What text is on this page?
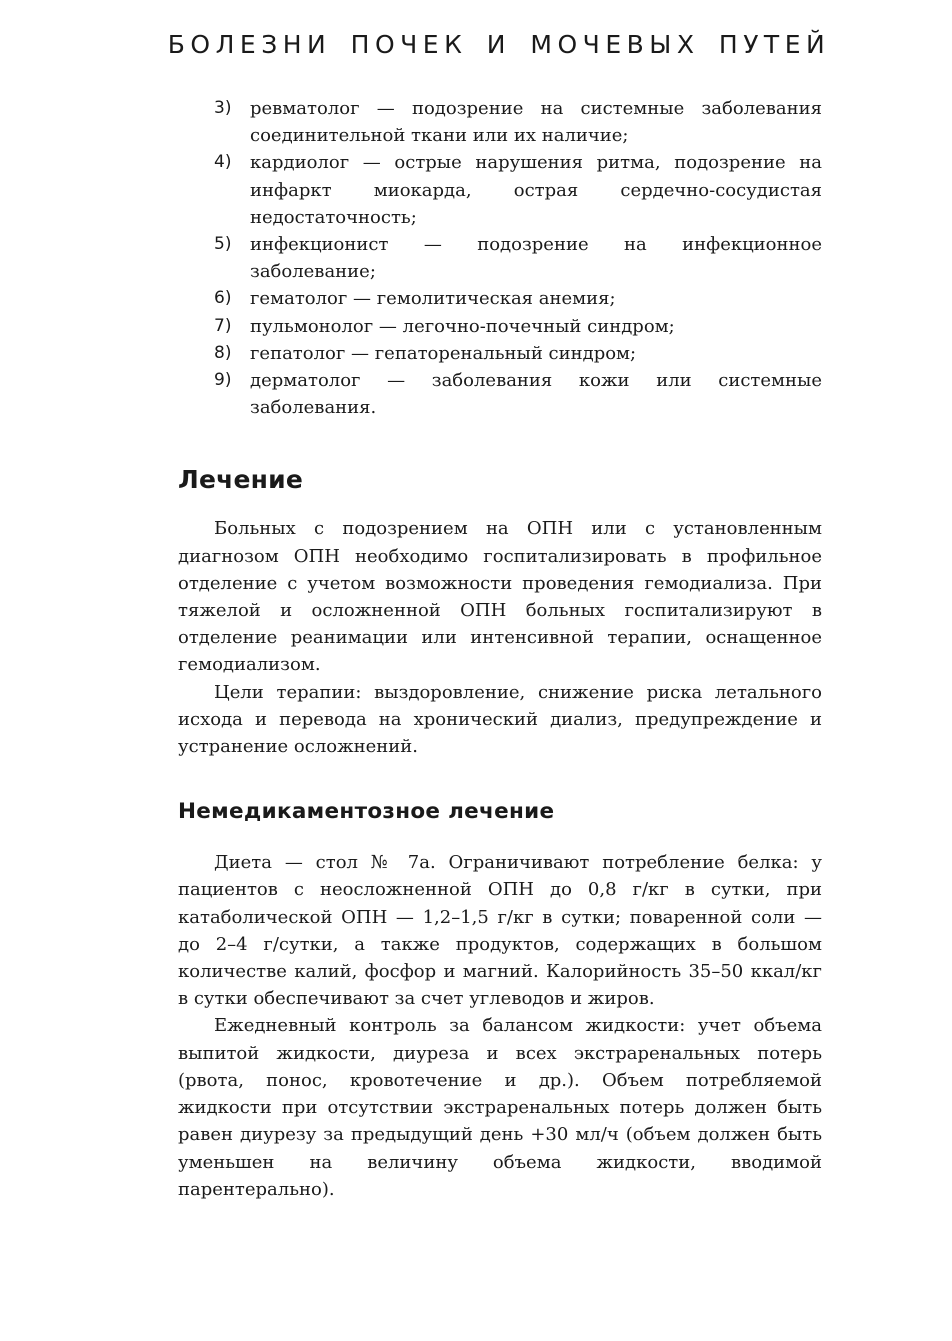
БОЛЕЗНИ ПОЧЕК И МОЧЕВЫХ ПУТЕЙ
3) ревматолог — подозрение на системные заболевания соединительной ткани или их наличие;
4) кардиолог — острые нарушения ритма, подозрение на инфаркт миокарда, острая сердечно-сосудистая недостаточность;
5) инфекционист — подозрение на инфекционное заболевание;
6) гематолог — гемолитическая анемия;
7) пульмонолог — легочно-почечный синдром;
8) гепатолог — гепаторенальный синдром;
9) дерматолог — заболевания кожи или системные заболевания.
Лечение

Больных с подозрением на ОПН или с установленным диагнозом ОПН необходимо госпитализировать в профильное отделение с учетом возможности проведения гемодиализа. При тяжелой и осложненной ОПН больных госпитализируют в отделение реанимации или интенсивной терапии, оснащенное гемодиализом.

Цели терапии: выздоровление, снижение риска летального исхода и перевода на хронический диализ, предупреждение и устранение осложнений.

Немедикаментозное лечение

Диета — стол № 7а. Ограничивают потребление белка: у пациентов с неосложненной ОПН до 0,8 г/кг в сутки, при катаболической ОПН — 1,2–1,5 г/кг в сутки; поваренной соли — до 2–4 г/сутки, а также продуктов, содержащих в большом количестве калий, фосфор и магний. Калорийность 35–50 ккал/кг в сутки обеспечивают за счет углеводов и жиров.

Ежедневный контроль за балансом жидкости: учет объема выпитой жидкости, диуреза и всех экстраренальных потерь (рвота, понос, кровотечение и др.). Объем потребляемой жидкости при отсутствии экстраренальных потерь должен быть равен диурезу за предыдущий день +30 мл/ч (объем должен быть уменьшен на величину объема жидкости, вводимой парентерально).
